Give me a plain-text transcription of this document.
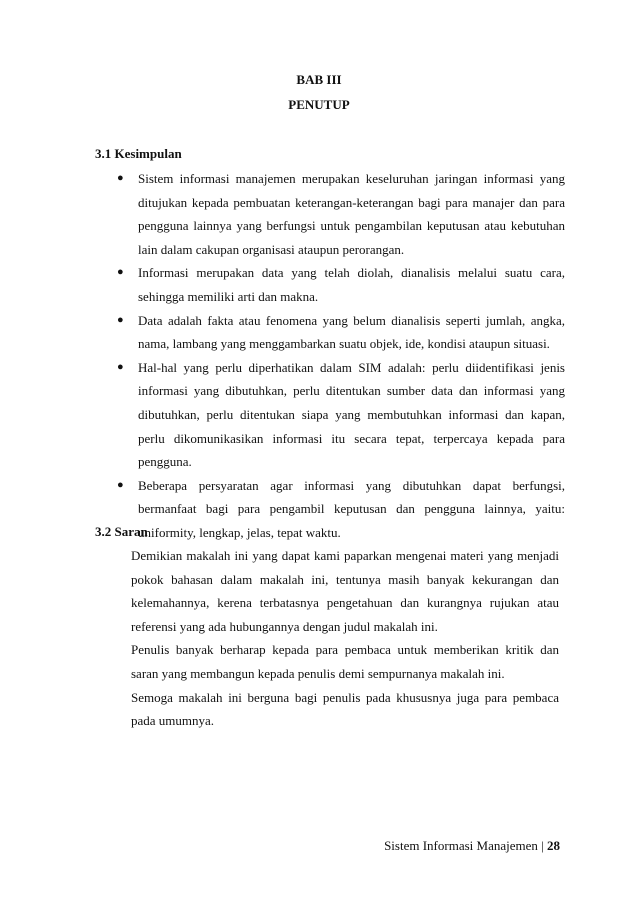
BAB III
PENUTUP
3.1 Kesimpulan
● Sistem informasi manajemen merupakan keseluruhan jaringan informasi yang ditujukan kepada pembuatan keterangan-keterangan bagi para manajer dan para pengguna lainnya yang berfungsi untuk pengambilan keputusan atau kebutuhan lain dalam cakupan organisasi ataupun perorangan.
● Informasi merupakan data yang telah diolah, dianalisis melalui suatu cara, sehingga memiliki arti dan makna.
● Data adalah fakta atau fenomena yang belum dianalisis seperti jumlah, angka, nama, lambang yang menggambarkan suatu objek, ide, kondisi ataupun situasi.
● Hal-hal yang perlu diperhatikan dalam SIM adalah: perlu diidentifikasi jenis informasi yang dibutuhkan, perlu ditentukan sumber data dan informasi yang dibutuhkan, perlu ditentukan siapa yang membutuhkan informasi dan kapan, perlu dikomunikasikan informasi itu secara tepat, terpercaya kepada para pengguna.
● Beberapa persyaratan agar informasi yang dibutuhkan dapat berfungsi, bermanfaat bagi para pengambil keputusan dan pengguna lainnya, yaitu: uniformity, lengkap, jelas, tepat waktu.
3.2 Saran

Demikian makalah ini yang dapat kami paparkan mengenai materi yang menjadi pokok bahasan dalam makalah ini, tentunya masih banyak kekurangan dan kelemahannya, kerena terbatasnya pengetahuan dan kurangnya rujukan atau referensi yang ada hubungannya dengan judul makalah ini.

Penulis banyak berharap kepada para pembaca untuk memberikan kritik dan saran yang membangun kepada penulis demi sempurnanya makalah ini.

Semoga makalah ini berguna bagi penulis pada khususnya juga para pembaca pada umumnya.

Sistem Informasi Manajemen | 28
